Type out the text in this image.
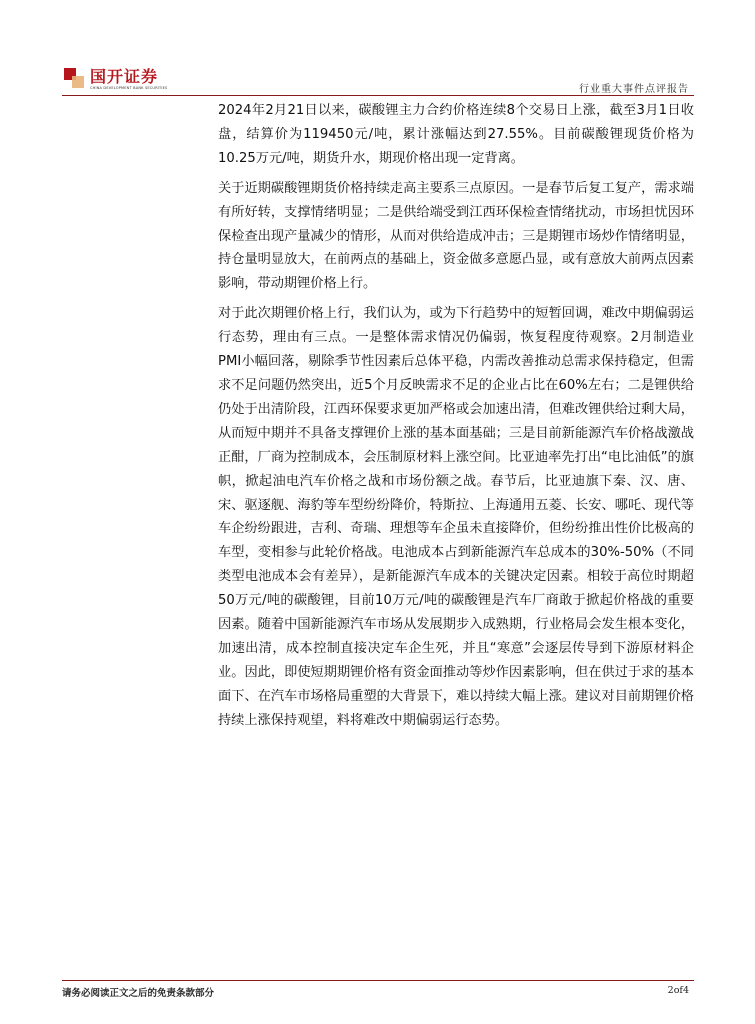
国开证券
CHINA DEVELOPMENT BANK SECURITIES	行业重大事件点评报告

2024年2月21日以来，碳酸锂主力合约价格连续8个交易日上涨，截至3月1日收盘，结算价为119450元/吨，累计涨幅达到27.55%。目前碳酸锂现货价格为10.25万元/吨，期货升水，期现价格出现一定背离。

关于近期碳酸锂期货价格持续走高主要系三点原因。一是春节后复工复产，需求端有所好转，支撑情绪明显；二是供给端受到江西环保检查情绪扰动，市场担忧因环保检查出现产量减少的情形，从而对供给造成冲击；三是期锂市场炒作情绪明显，持仓量明显放大，在前两点的基础上，资金做多意愿凸显，或有意放大前两点因素影响，带动期锂价格上行。

对于此次期锂价格上行，我们认为，或为下行趋势中的短暂回调，难改中期偏弱运行态势，理由有三点。一是整体需求情况仍偏弱，恢复程度待观察。2月制造业PMI小幅回落，剔除季节性因素后总体平稳，内需改善推动总需求保持稳定，但需求不足问题仍然突出，近5个月反映需求不足的企业占比在60%左右；二是锂供给仍处于出清阶段，江西环保要求更加严格或会加速出清，但难改锂供给过剩大局，从而短中期并不具备支撑锂价上涨的基本面基础；三是目前新能源汽车价格战激战正酣，厂商为控制成本，会压制原材料上涨空间。比亚迪率先打出“电比油低”的旗帜，掀起油电汽车价格之战和市场份额之战。春节后，比亚迪旗下秦、汉、唐、宋、驱逐舰、海豹等车型纷纷降价，特斯拉、上海通用五菱、长安、哪吒、现代等车企纷纷跟进，吉利、奇瑞、理想等车企虽未直接降价，但纷纷推出性价比极高的车型，变相参与此轮价格战。电池成本占到新能源汽车总成本的30%-50%（不同类型电池成本会有差异），是新能源汽车成本的关键决定因素。相较于高位时期超50万元/吨的碳酸锂，目前10万元/吨的碳酸锂是汽车厂商敢于掀起价格战的重要因素。随着中国新能源汽车市场从发展期步入成熟期，行业格局会发生根本变化，加速出清，成本控制直接决定车企生死，并且“寒意”会逐层传导到下游原材料企业。因此，即使短期期锂价格有资金面推动等炒作因素影响，但在供过于求的基本面下、在汽车市场格局重塑的大背景下，难以持续大幅上涨。建议对目前期锂价格持续上涨保持观望，料将难改中期偏弱运行态势。

请务必阅读正文之后的免责条款部分	2of4
